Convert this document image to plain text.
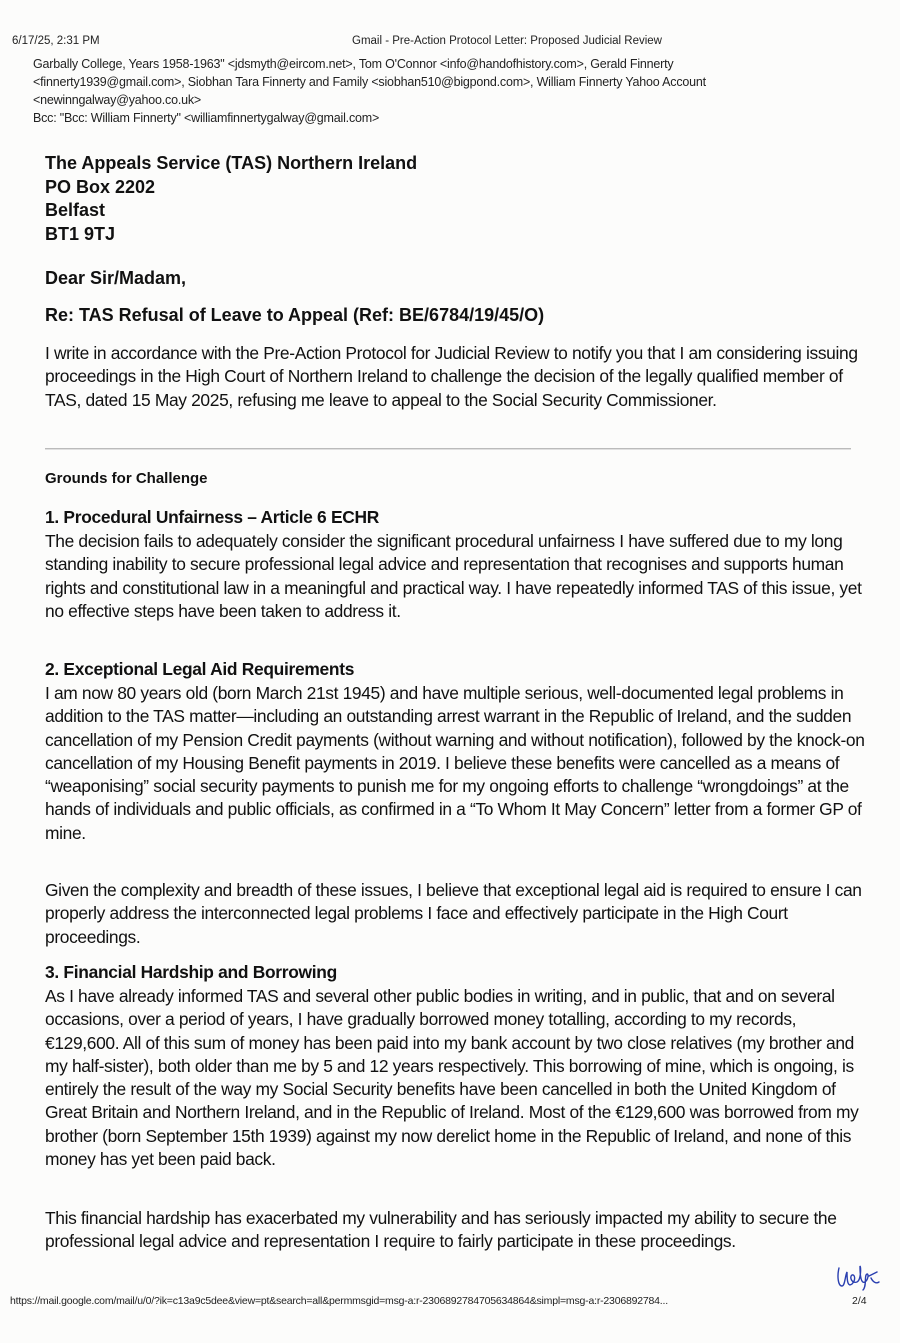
6/17/25, 2:31 PM	Gmail - Pre-Action Protocol Letter: Proposed Judicial Review
Garbally College, Years 1958-1963" <jdsmyth@eircom.net>, Tom O'Connor <info@handofhistory.com>, Gerald Finnerty
<finnerty1939@gmail.com>, Siobhan Tara Finnerty and Family <siobhan510@bigpond.com>, William Finnerty Yahoo Account
<newinngalway@yahoo.co.uk>
Bcc: "Bcc: William Finnerty" <williamfinnertygalway@gmail.com>
The Appeals Service (TAS) Northern Ireland
PO Box 2202
Belfast
BT1 9TJ
Dear Sir/Madam,
Re: TAS Refusal of Leave to Appeal (Ref: BE/6784/19/45/O)
I write in accordance with the Pre-Action Protocol for Judicial Review to notify you that I am considering issuing proceedings in the High Court of Northern Ireland to challenge the decision of the legally qualified member of TAS, dated 15 May 2025, refusing me leave to appeal to the Social Security Commissioner.
Grounds for Challenge
1. Procedural Unfairness – Article 6 ECHR
The decision fails to adequately consider the significant procedural unfairness I have suffered due to my long standing inability to secure professional legal advice and representation that recognises and supports human rights and constitutional law in a meaningful and practical way. I have repeatedly informed TAS of this issue, yet no effective steps have been taken to address it.
2. Exceptional Legal Aid Requirements
I am now 80 years old (born March 21st 1945) and have multiple serious, well-documented legal problems in addition to the TAS matter—including an outstanding arrest warrant in the Republic of Ireland, and the sudden cancellation of my Pension Credit payments (without warning and without notification), followed by the knock-on cancellation of my Housing Benefit payments in 2019. I believe these benefits were cancelled as a means of “weaponising” social security payments to punish me for my ongoing efforts to challenge “wrongdoings” at the hands of individuals and public officials, as confirmed in a “To Whom It May Concern” letter from a former GP of mine.
Given the complexity and breadth of these issues, I believe that exceptional legal aid is required to ensure I can properly address the interconnected legal problems I face and effectively participate in the High Court proceedings.
3. Financial Hardship and Borrowing
As I have already informed TAS and several other public bodies in writing, and in public, that and on several occasions, over a period of years, I have gradually borrowed money totalling, according to my records, €129,600. All of this sum of money has been paid into my bank account by two close relatives (my brother and my half-sister), both older than me by 5 and 12 years respectively. This borrowing of mine, which is ongoing, is entirely the result of the way my Social Security benefits have been cancelled in both the United Kingdom of Great Britain and Northern Ireland, and in the Republic of Ireland. Most of the €129,600 was borrowed from my brother (born September 15th 1939) against my now derelict home in the Republic of Ireland, and none of this money has yet been paid back.
This financial hardship has exacerbated my vulnerability and has seriously impacted my ability to secure the professional legal advice and representation I require to fairly participate in these proceedings.
https://mail.google.com/mail/u/0/?ik=c13a9c5dee&view=pt&search=all&permmsgid=msg-a:r-2306892784705634864&simpl=msg-a:r-2306892784...	2/4
